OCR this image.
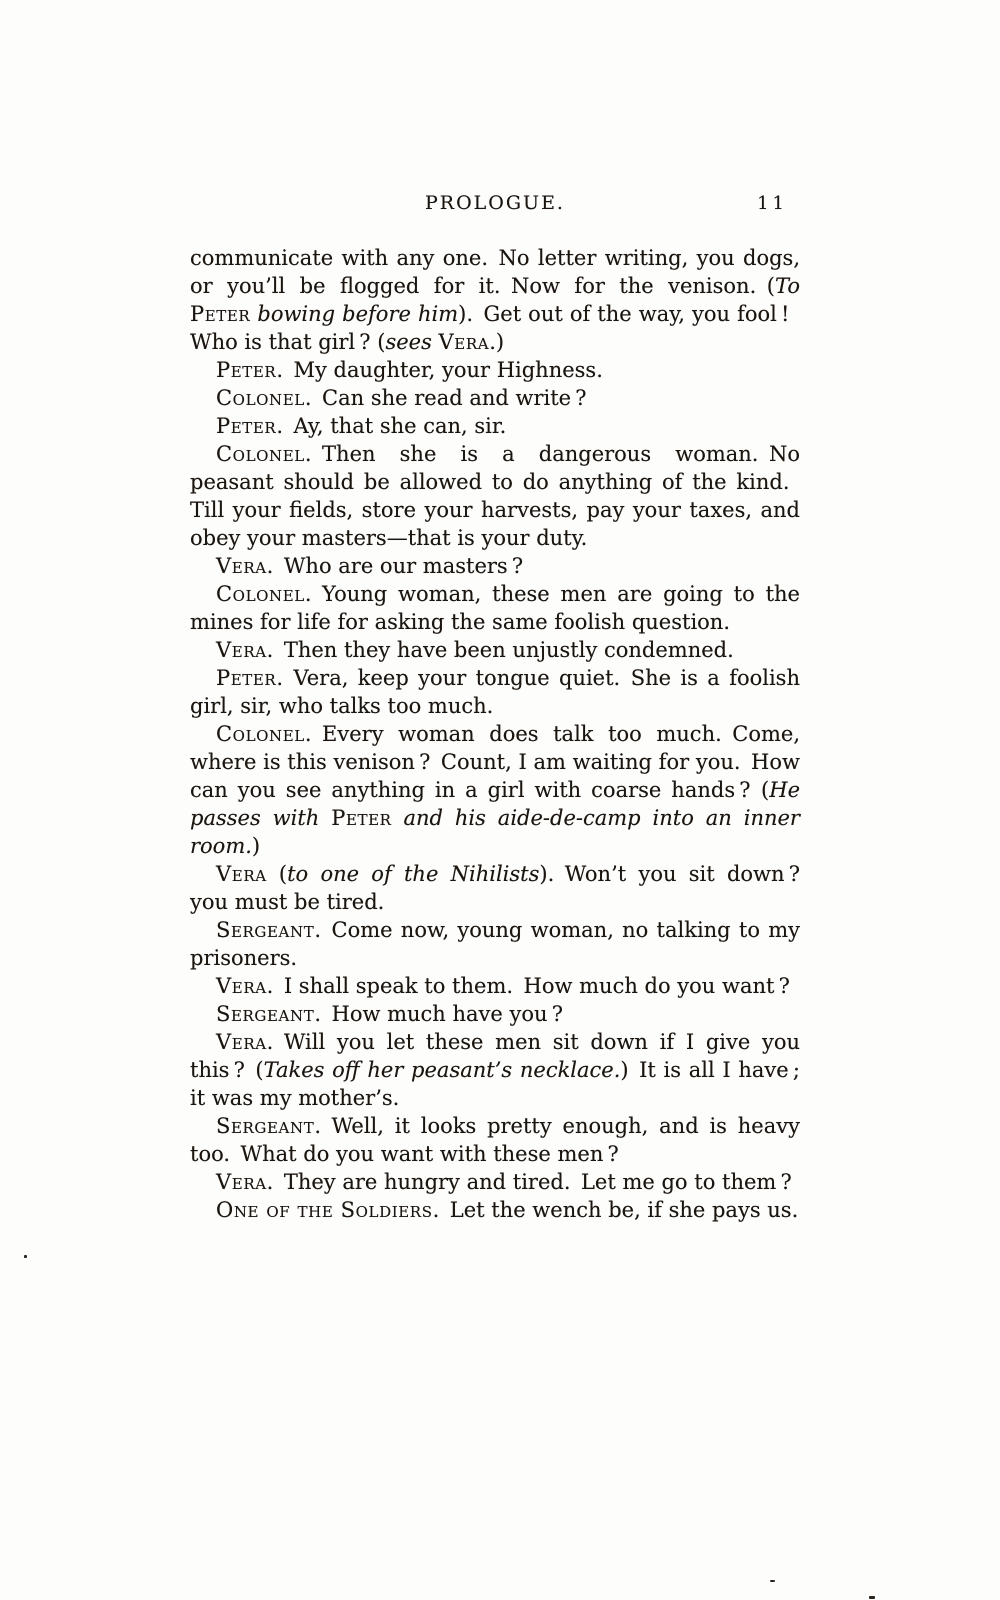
PROLOGUE.	11

communicate with any one. No letter writing, you dogs, or you’ll be flogged for it. Now for the venison. (To Peter bowing before him). Get out of the way, you fool ! Who is that girl ? (sees Vera.)

Peter. My daughter, your Highness.

Colonel. Can she read and write ?

Peter. Ay, that she can, sir.

Colonel. Then she is a dangerous woman. No peasant should be allowed to do anything of the kind. Till your fields, store your harvests, pay your taxes, and obey your masters—that is your duty.

Vera. Who are our masters ?

Colonel. Young woman, these men are going to the mines for life for asking the same foolish question.

Vera. Then they have been unjustly condemned.

Peter. Vera, keep your tongue quiet. She is a foolish girl, sir, who talks too much.

Colonel. Every woman does talk too much. Come, where is this venison ? Count, I am waiting for you. How can you see anything in a girl with coarse hands ? (He passes with Peter and his aide-de-camp into an inner room.)

Vera (to one of the Nihilists). Won’t you sit down ? you must be tired.

Sergeant. Come now, young woman, no talking to my prisoners.

Vera. I shall speak to them. How much do you want ?

Sergeant. How much have you ?

Vera. Will you let these men sit down if I give you this ? (Takes off her peasant’s necklace.) It is all I have ; it was my mother’s.

Sergeant. Well, it looks pretty enough, and is heavy too. What do you want with these men ?

Vera. They are hungry and tired. Let me go to them ?

One of the Soldiers. Let the wench be, if she pays us.
